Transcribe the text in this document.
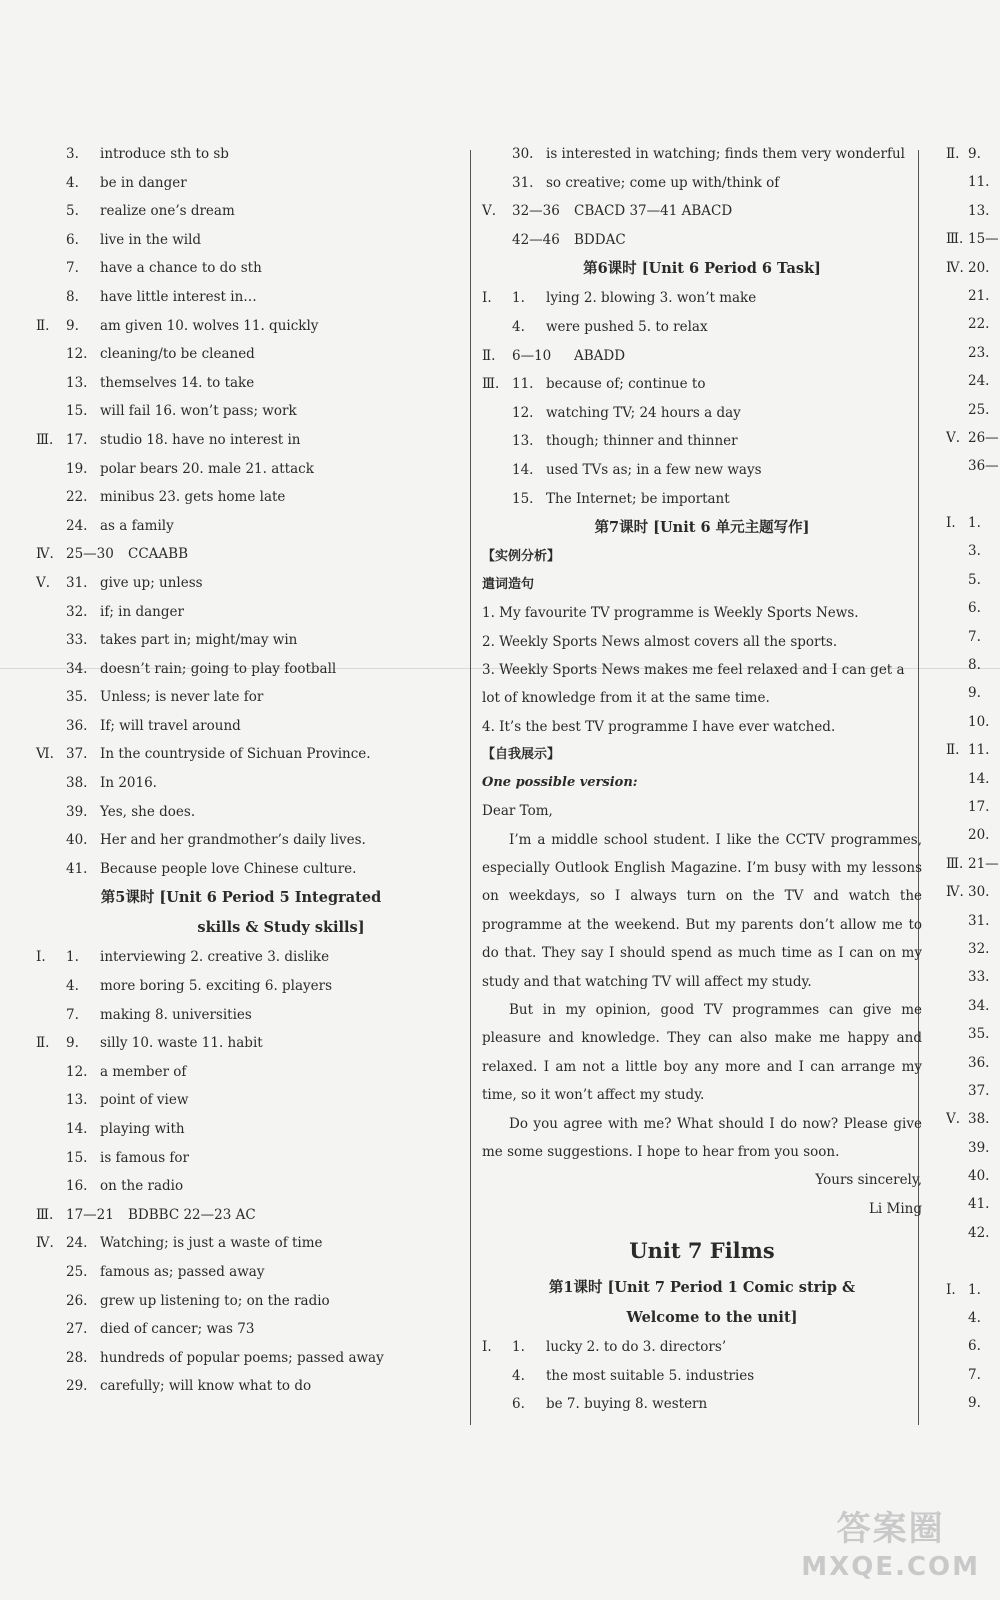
3. introduce sth to sb
4. be in danger
5. realize one’s dream
6. live in the wild
7. have a chance to do sth
8. have little interest in…
Ⅱ.	9. am given 10. wolves 11. quickly
12. cleaning/to be cleaned
13. themselves 14. to take
15. will fail 16. won’t pass; work
Ⅲ. 17. studio 18. have no interest in
19. polar bears 20. male 21. attack
22. minibus 23. gets home late
24. as a family
Ⅳ. 25—30 CCAABB
Ⅴ.	31. give up; unless
32. if; in danger
33. takes part in; might/may win
34. doesn’t rain; going to play football
35. Unless; is never late for
36. If; will travel around
Ⅵ. 37. In the countryside of Sichuan Province.
38. In 2016.
39. Yes, she does.
40. Her and her grandmother’s daily lives.
41. Because people love Chinese culture.
第5课时 [Unit 6 Period 5 Integrated
skills & Study skills]
Ⅰ.	1. interviewing 2. creative 3. dislike
4. more boring 5. exciting 6. players
7. making 8. universities
Ⅱ.	9. silly 10. waste 11. habit
12. a member of
13. point of view
14. playing with
15. is famous for
16. on the radio
Ⅲ. 17—21 BDBBC 22—23 AC
Ⅳ. 24. Watching; is just a waste of time
25. famous as; passed away
26. grew up listening to; on the radio
27. died of cancer; was 73
28. hundreds of popular poems; passed away
29. carefully; will know what to do
30. is interested in watching; finds them very wonderful
31. so creative; come up with/think of
Ⅴ.	32—36 CBACD 37—41 ABACD
42—46 BDDAC
第6课时 [Unit 6 Period 6 Task]
Ⅰ.	1. lying 2. blowing 3. won’t make
4. were pushed 5. to relax
Ⅱ.	6—10 ABADD
Ⅲ. 11. because of; continue to
12. watching TV; 24 hours a day
13. though; thinner and thinner
14. used TVs as; in a few new ways
15. The Internet; be important
第7课时 [Unit 6 单元主题写作]
【实例分析】
遣词造句
1. My favourite TV programme is Weekly Sports News.
2. Weekly Sports News almost covers all the sports.
3. Weekly Sports News makes me feel relaxed and I can get a
lot of knowledge from it at the same time.
4. It’s the best TV programme I have ever watched.
【自我展示】
One possible version:

Dear Tom,

I’m a middle school student. I like the CCTV programmes, especially Outlook English Magazine. I’m busy with my lessons on weekdays, so I always turn on the TV and watch the programme at the weekend. But my parents don’t allow me to do that. They say I should spend as much time as I can on my study and that watching TV will affect my study.

But in my opinion, good TV programmes can give me pleasure and knowledge. They can also make me happy and relaxed. I am not a little boy any more and I can arrange my time, so it won’t affect my study.

Do you agree with me? What should I do now? Please give me some suggestions. I hope to hear from you soon.

Yours sincerely,
Li Ming
Unit 7 Films
第1课时 [Unit 7 Period 1 Comic strip &
Welcome to the unit]
Ⅰ.	1. lucky 2. to do 3. directors’
4. the most suitable 5. industries
6. be 7. buying 8. western
Ⅱ. 9.
11.
13.
Ⅲ. 15—
Ⅳ. 20.
21.
22.
23.
24.
25.
Ⅴ. 26—
36—
Ⅰ. 1.
3.
5.
6.
7.
8.
9.
10.
Ⅱ. 11.
14.
17.
20.
Ⅲ. 21—
Ⅳ. 30.
31.
32.
33.
34.
35.
36.
37.
Ⅴ. 38.
39.
40.
41.
42.
Ⅰ. 1.
4.
6.
7.
9.
答案圈
MXQE.COM
